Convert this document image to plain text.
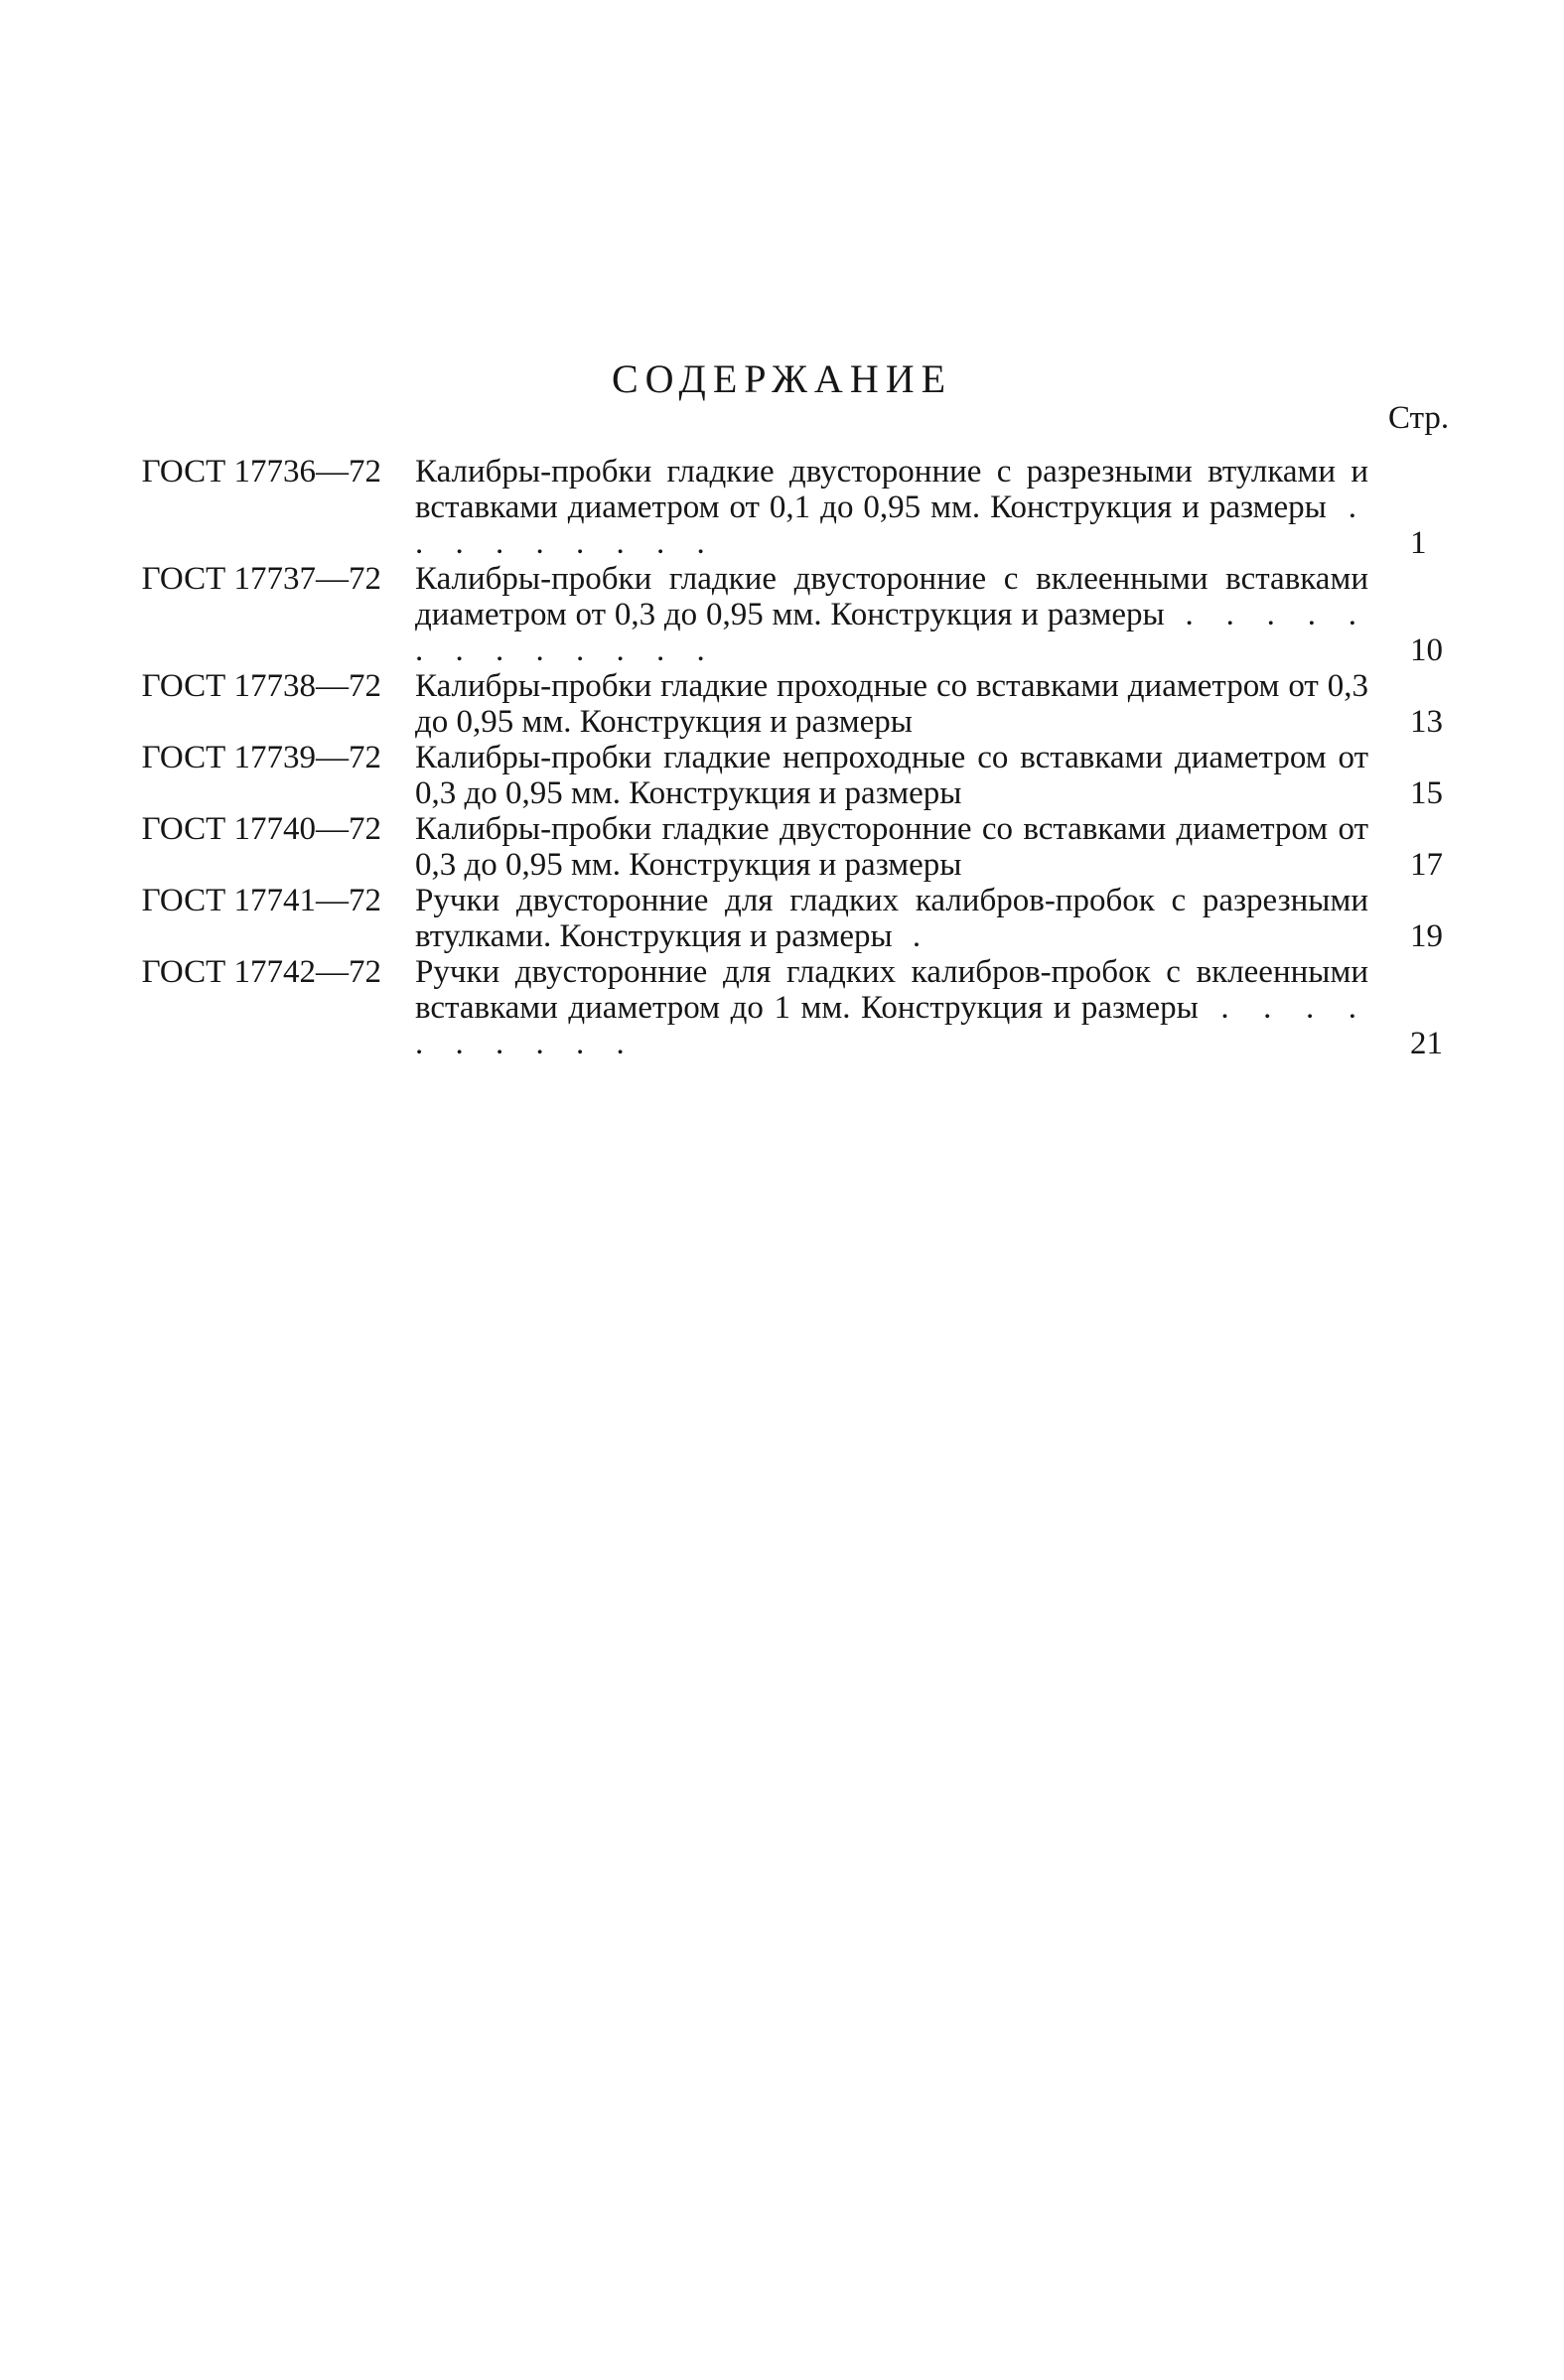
СОДЕРЖАНИЕ
Стр.
ГОСТ 17736—72 Калибры-пробки гладкие двусторонние с разрезными втулками и вставками диаметром от 0,1 до 0,95 мм. Конструкция и размеры . . . . . . . . .	1
ГОСТ 17737—72 Калибры-пробки гладкие двусторонние с вклеенными вставками диаметром от 0,3 до 0,95 мм. Конструкция и размеры . . . . . . . . . . . . .	10
ГОСТ 17738—72 Калибры-пробки гладкие проходные со вставками диаметром от 0,3 до 0,95 мм. Конструкция и размеры	13
ГОСТ 17739—72 Калибры-пробки гладкие непроходные со вставками диаметром от 0,3 до 0,95 мм. Конструкция и размеры	15
ГОСТ 17740—72 Калибры-пробки гладкие двусторонние со вставками диаметром от 0,3 до 0,95 мм. Конструкция и размеры	17
ГОСТ 17741—72 Ручки двусторонние для гладких калибров-пробок с разрезными втулками. Конструкция и размеры .	19
ГОСТ 17742—72 Ручки двусторонние для гладких калибров-пробок с вклеенными вставками диаметром до 1 мм. Конструкция и размеры . . . . . . . . . .	21
